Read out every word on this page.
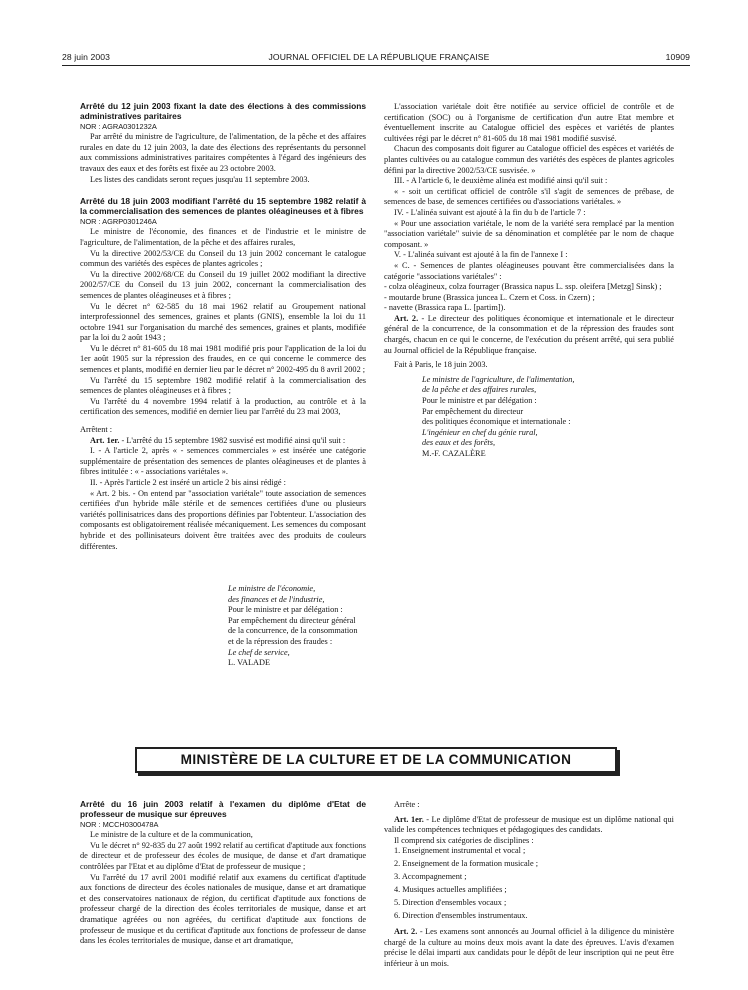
28 juin 2003	JOURNAL OFFICIEL DE LA RÉPUBLIQUE FRANÇAISE	10909

Arrêté du 12 juin 2003 fixant la date des élections à des commissions administratives paritaires

NOR : AGRA0301232A

Par arrêté du ministre de l'agriculture, de l'alimentation, de la pêche et des affaires rurales en date du 12 juin 2003, la date des élections des représentants du personnel aux commissions administratives paritaires compétentes à l'égard des ingénieurs des travaux des eaux et des forêts est fixée au 23 octobre 2003.

Les listes des candidats seront reçues jusqu'au 11 septembre 2003.

Arrêté du 18 juin 2003 modifiant l'arrêté du 15 septembre 1982 relatif à la commercialisation des semences de plantes oléagineuses et à fibres

NOR : AGRP0301246A

Le ministre de l'économie, des finances et de l'industrie et le ministre de l'agriculture, de l'alimentation, de la pêche et des affaires rurales,

Vu la directive 2002/53/CE du Conseil du 13 juin 2002 concernant le catalogue commun des variétés des espèces de plantes agricoles ;

Vu la directive 2002/68/CE du Conseil du 19 juillet 2002 modifiant la directive 2002/57/CE du Conseil du 13 juin 2002, concernant la commercialisation des semences de plantes oléagineuses et à fibres ;

Vu le décret n° 62-585 du 18 mai 1962 relatif au Groupement national interprofessionnel des semences, graines et plants (GNIS), ensemble la loi du 11 octobre 1941 sur l'organisation du marché des semences, graines et plants, modifiée par la loi du 2 août 1943 ;

Vu le décret n° 81-605 du 18 mai 1981 modifié pris pour l'application de la loi du 1er août 1905 sur la répression des fraudes, en ce qui concerne le commerce des semences et plants, modifié en dernier lieu par le décret n° 2002-495 du 8 avril 2002 ;

Vu l'arrêté du 15 septembre 1982 modifié relatif à la commercialisation des semences de plantes oléagineuses et à fibres ;

Vu l'arrêté du 4 novembre 1994 relatif à la production, au contrôle et à la certification des semences, modifié en dernier lieu par l'arrêté du 23 mai 2003,

Arrêtent :

Art. 1er. - L'arrêté du 15 septembre 1982 susvisé est modifié ainsi qu'il suit :

I. - A l'article 2, après « - semences commerciales » est insérée une catégorie supplémentaire de présentation des semences de plantes oléagineuses et de plantes à fibres intitulée : « - associations variétales ».

II. - Après l'article 2 est inséré un article 2 bis ainsi rédigé :

« Art. 2 bis. - On entend par "association variétale" toute association de semences certifiées d'un hybride mâle stérile et de semences certifiées d'une ou plusieurs variétés pollinisatrices dans des proportions définies par l'obtenteur. L'association des composants est obligatoirement réalisée mécaniquement. Les semences du composant hybride et des pollinisateurs doivent être traitées avec des produits de couleurs différentes.

L'association variétale doit être notifiée au service officiel de contrôle et de certification (SOC) ou à l'organisme de certification d'un autre Etat membre et éventuellement inscrite au Catalogue officiel des espèces et variétés de plantes cultivées régi par le décret n° 81-605 du 18 mai 1981 modifié susvisé.

Chacun des composants doit figurer au Catalogue officiel des espèces et variétés de plantes cultivées ou au catalogue commun des variétés des espèces de plantes agricoles défini par la directive 2002/53/CE susvisée. »

III. - A l'article 6, le deuxième alinéa est modifié ainsi qu'il suit :

« - soit un certificat officiel de contrôle s'il s'agit de semences de prébase, de semences de base, de semences certifiées ou d'associations variétales. »

IV. - L'alinéa suivant est ajouté à la fin du b de l'article 7 :

« Pour une association variétale, le nom de la variété sera remplacé par la mention "association variétale" suivie de sa dénomination et complétée par le nom de chaque composant. »

V. - L'alinéa suivant est ajouté à la fin de l'annexe I :

« C. - Semences de plantes oléagineuses pouvant être commercialisées dans la catégorie "associations variétales" :

- colza oléagineux, colza fourrager (Brassica napus L. ssp. oleifera [Metzg] Sinsk) ;

- moutarde brune (Brassica juncea L. Czern et Coss. in Czern) ;

- navette (Brassica rapa L. [partim]).

Art. 2. - Le directeur des politiques économique et internationale et le directeur général de la concurrence, de la consommation et de la répression des fraudes sont chargés, chacun en ce qui le concerne, de l'exécution du présent arrêté, qui sera publié au Journal officiel de la République française.

Fait à Paris, le 18 juin 2003.

Le ministre de l'agriculture, de l'alimentation,

de la pêche et des affaires rurales,

Pour le ministre et par délégation :

Par empêchement du directeur

des politiques économique et internationale :

L'ingénieur en chef du génie rural,

des eaux et des forêts,

M.-F. CAZALÈRE

Le ministre de l'économie,

des finances et de l'industrie,

Pour le ministre et par délégation :

Par empêchement du directeur général

de la concurrence, de la consommation

et de la répression des fraudes :

Le chef de service,

L. VALADE

MINISTÈRE DE LA CULTURE ET DE LA COMMUNICATION

Arrêté du 16 juin 2003 relatif à l'examen du diplôme d'Etat de professeur de musique sur épreuves

NOR : MCCH0300478A

Le ministre de la culture et de la communication,

Vu le décret n° 92-835 du 27 août 1992 relatif au certificat d'aptitude aux fonctions de directeur et de professeur des écoles de musique, de danse et d'art dramatique contrôlées par l'Etat et au diplôme d'Etat de professeur de musique ;

Vu l'arrêté du 17 avril 2001 modifié relatif aux examens du certificat d'aptitude aux fonctions de directeur des écoles nationales de musique, danse et art dramatique et des conservatoires nationaux de région, du certificat d'aptitude aux fonctions de professeur chargé de la direction des écoles territoriales de musique, danse et art dramatique agréées ou non agréées, du certificat d'aptitude aux fonctions de professeur de musique et du certificat d'aptitude aux fonctions de professeur de danse dans les écoles territoriales de musique, danse et art dramatique,

Arrête :

Art. 1er. - Le diplôme d'Etat de professeur de musique est un diplôme national qui valide les compétences techniques et pédagogiques des candidats.

Il comprend six catégories de disciplines :

1. Enseignement instrumental et vocal ;

2. Enseignement de la formation musicale ;

3. Accompagnement ;

4. Musiques actuelles amplifiées ;

5. Direction d'ensembles vocaux ;

6. Direction d'ensembles instrumentaux.

Art. 2. - Les examens sont annoncés au Journal officiel à la diligence du ministère chargé de la culture au moins deux mois avant la date des épreuves. L'avis d'examen précise le délai imparti aux candidats pour le dépôt de leur inscription qui ne peut être inférieur à un mois.
